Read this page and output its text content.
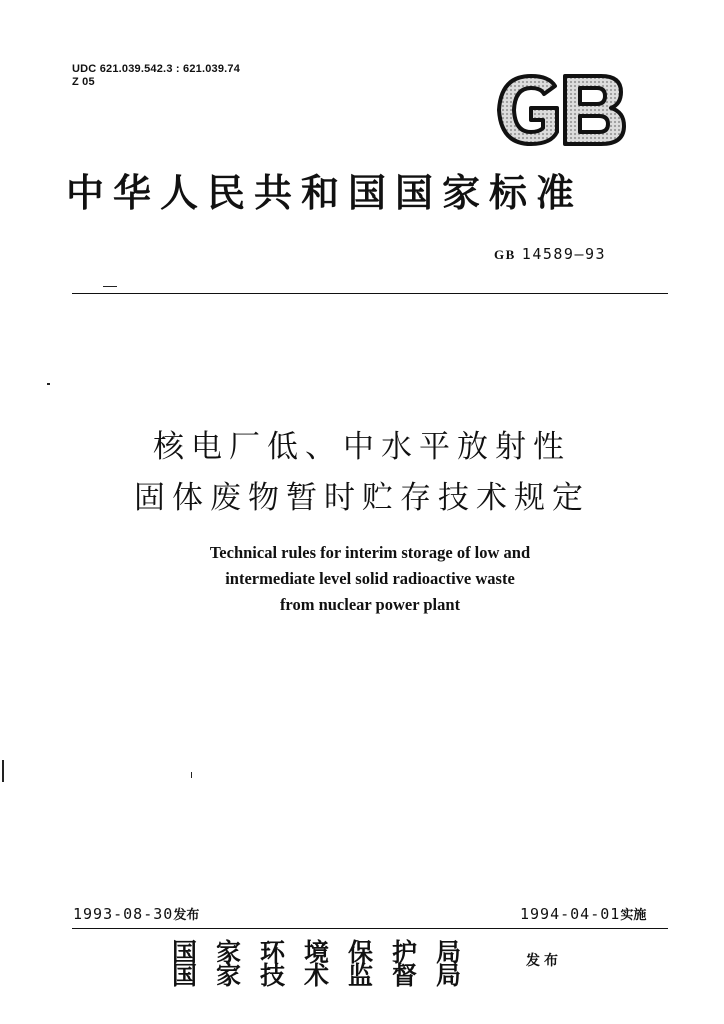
UDC 621.039.542.3 : 621.039.74
Z 05
中华人民共和国国家标准
GB 14589—93
核电厂低、中水平放射性
固体废物暂时贮存技术规定
Technical rules for interim storage of low and
intermediate level solid radioactive waste
from nuclear power plant
1993-08-30发布	1994-04-01实施
国家环境保护局
国家技术监督局	发布
